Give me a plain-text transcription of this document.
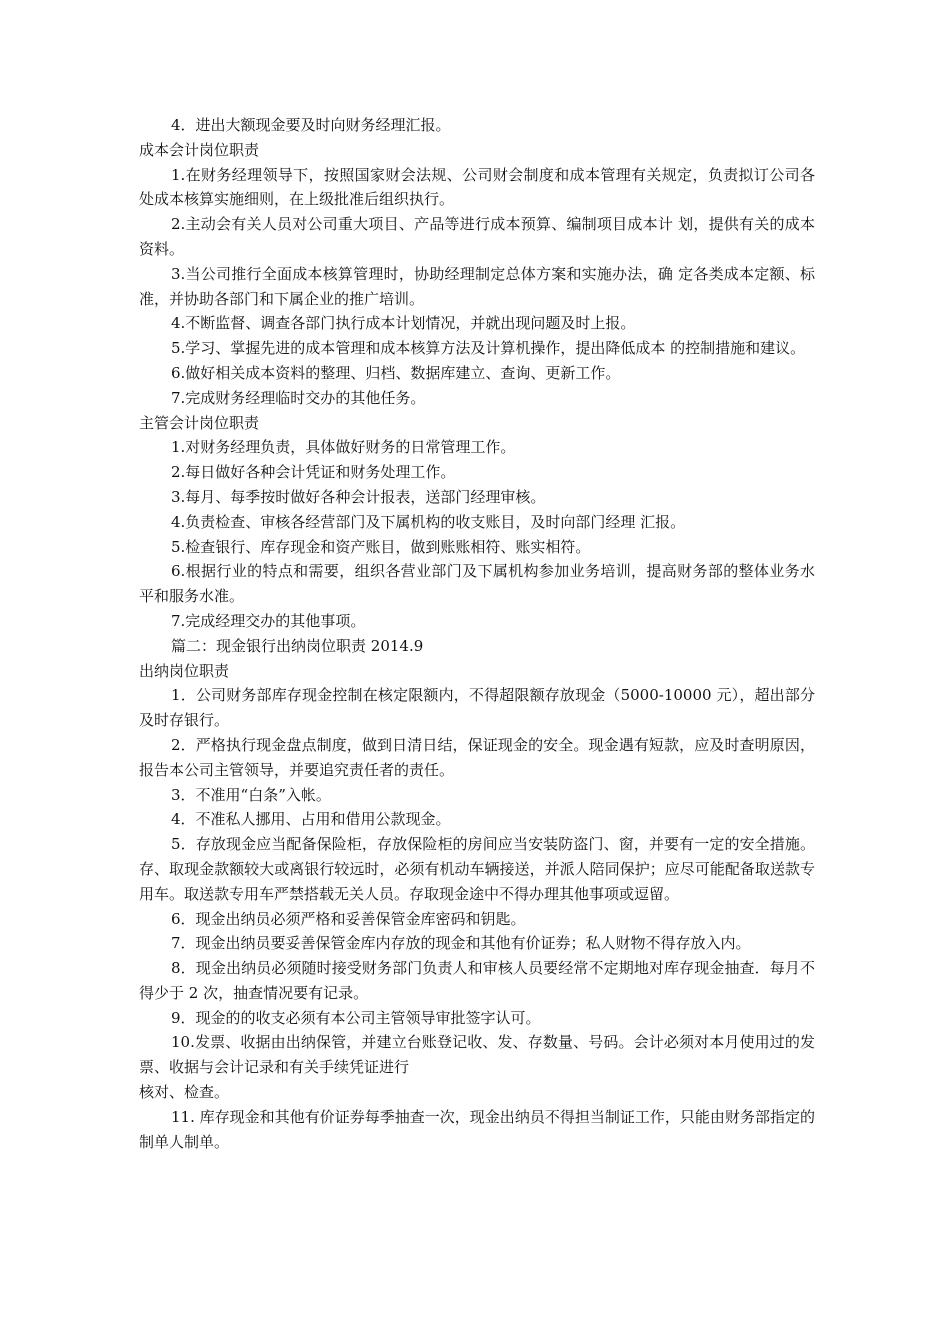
4．进出大额现金要及时向财务经理汇报。

成本会计岗位职责

1.在财务经理领导下，按照国家财会法规、公司财会制度和成本管理有关规定，负责拟订公司各处成本核算实施细则，在上级批准后组织执行。

2.主动会有关人员对公司重大项目、产品等进行成本预算、编制项目成本计 划，提供有关的成本资料。

3.当公司推行全面成本核算管理时，协助经理制定总体方案和实施办法，确 定各类成本定额、标准，并协助各部门和下属企业的推广培训。

4.不断监督、调查各部门执行成本计划情况，并就出现问题及时上报。

5.学习、掌握先进的成本管理和成本核算方法及计算机操作，提出降低成本 的控制措施和建议。

6.做好相关成本资料的整理、归档、数据库建立、查询、更新工作。

7.完成财务经理临时交办的其他任务。

主管会计岗位职责

1.对财务经理负责，具体做好财务的日常管理工作。

2.每日做好各种会计凭证和财务处理工作。

3.每月、每季按时做好各种会计报表，送部门经理审核。

4.负责检查、审核各经营部门及下属机构的收支账目，及时向部门经理 汇报。

5.检查银行、库存现金和资产账目，做到账账相符、账实相符。

6.根据行业的特点和需要，组织各营业部门及下属机构参加业务培训，提高财务部的整体业务水平和服务水准。

7.完成经理交办的其他事项。

篇二：现金银行出纳岗位职责 2014.9

出纳岗位职责

1．公司财务部库存现金控制在核定限额内，不得超限额存放现金（5000-10000 元），超出部分及时存银行。

2．严格执行现金盘点制度，做到日清日结，保证现金的安全。现金遇有短款，应及时查明原因，报告本公司主管领导，并要追究责任者的责任。

3．不准用“白条”入帐。

4．不准私人挪用、占用和借用公款现金。

5．存放现金应当配备保险柜，存放保险柜的房间应当安装防盗门、窗，并要有一定的安全措施。存、取现金款额较大或离银行较远时，必须有机动车辆接送，并派人陪同保护；应尽可能配备取送款专用车。取送款专用车严禁搭载无关人员。存取现金途中不得办理其他事项或逗留。

6．现金出纳员必须严格和妥善保管金库密码和钥匙。

7．现金出纳员要妥善保管金库内存放的现金和其他有价证券；私人财物不得存放入内。

8．现金出纳员必须随时接受财务部门负责人和审核人员要经常不定期地对库存现金抽查．每月不得少于 2 次，抽查情况要有记录。

9．现金的的收支必须有本公司主管领导审批签字认可。

10.发票、收据由出纳保管，并建立台账登记收、发、存数量、号码。会计必须对本月使用过的发票、收据与会计记录和有关手续凭证进行

核对、检查。

11. 库存现金和其他有价证券每季抽查一次，现金出纳员不得担当制证工作，只能由财务部指定的制单人制单。
